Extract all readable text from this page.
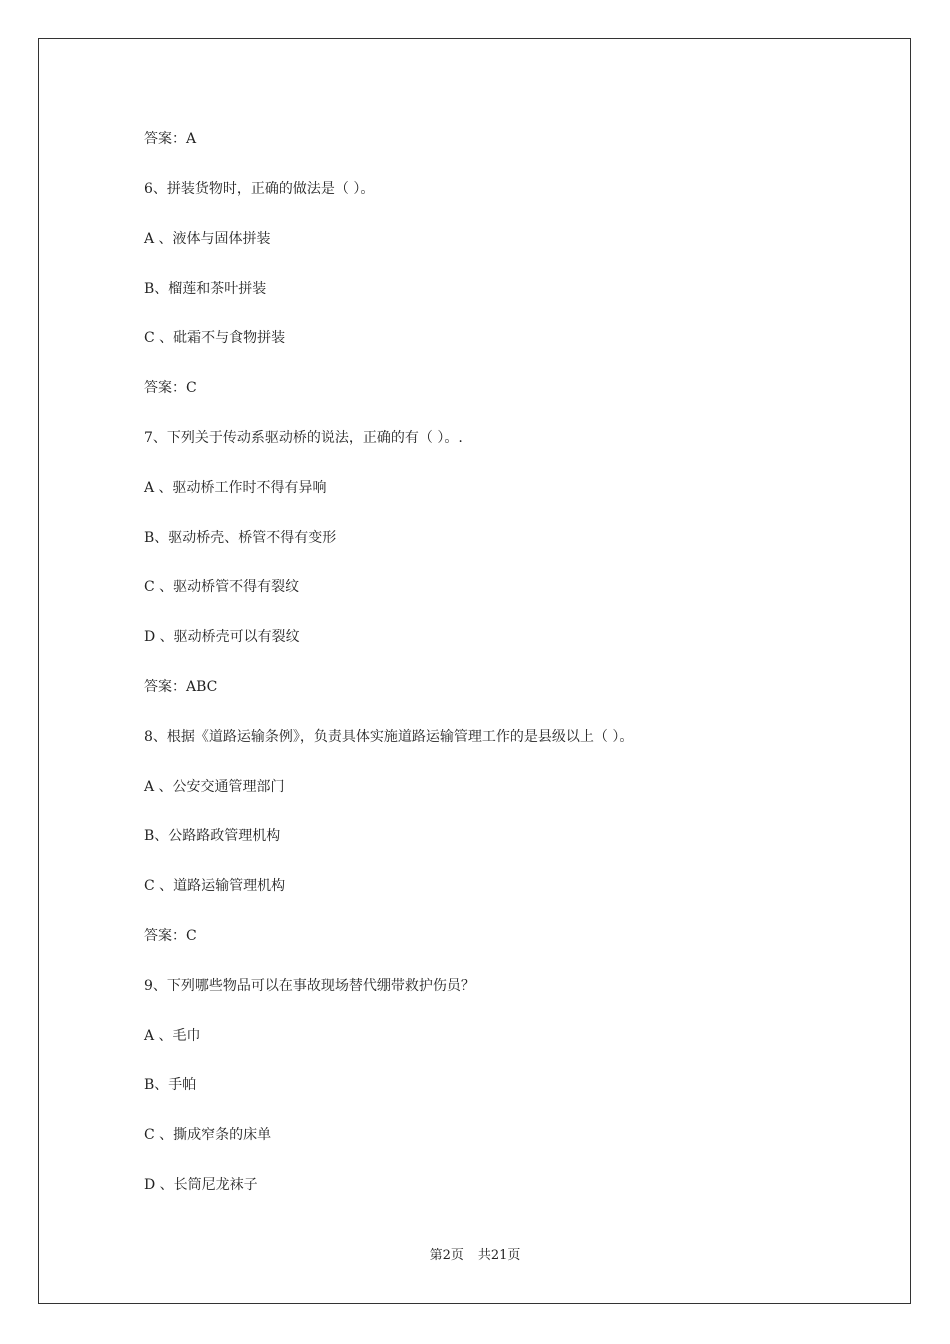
答案：A
6、拼装货物时，正确的做法是（ ）。
A 、液体与固体拼装
B、榴莲和茶叶拼装
C 、砒霜不与食物拼装
答案：C
7、下列关于传动系驱动桥的说法，正确的有（ ）。.
A 、驱动桥工作时不得有异响
B、驱动桥壳、桥管不得有变形
C 、驱动桥管不得有裂纹
D 、驱动桥壳可以有裂纹
答案：ABC
8、根据《道路运输条例》，负责具体实施道路运输管理工作的是县级以上（ ）。
A 、公安交通管理部门
B、公路路政管理机构
C 、道路运输管理机构
答案：C
9、下列哪些物品可以在事故现场替代绷带救护伤员？
A 、毛巾
B、手帕
C 、撕成窄条的床单
D 、长筒尼龙袜子
第2页 共21页
